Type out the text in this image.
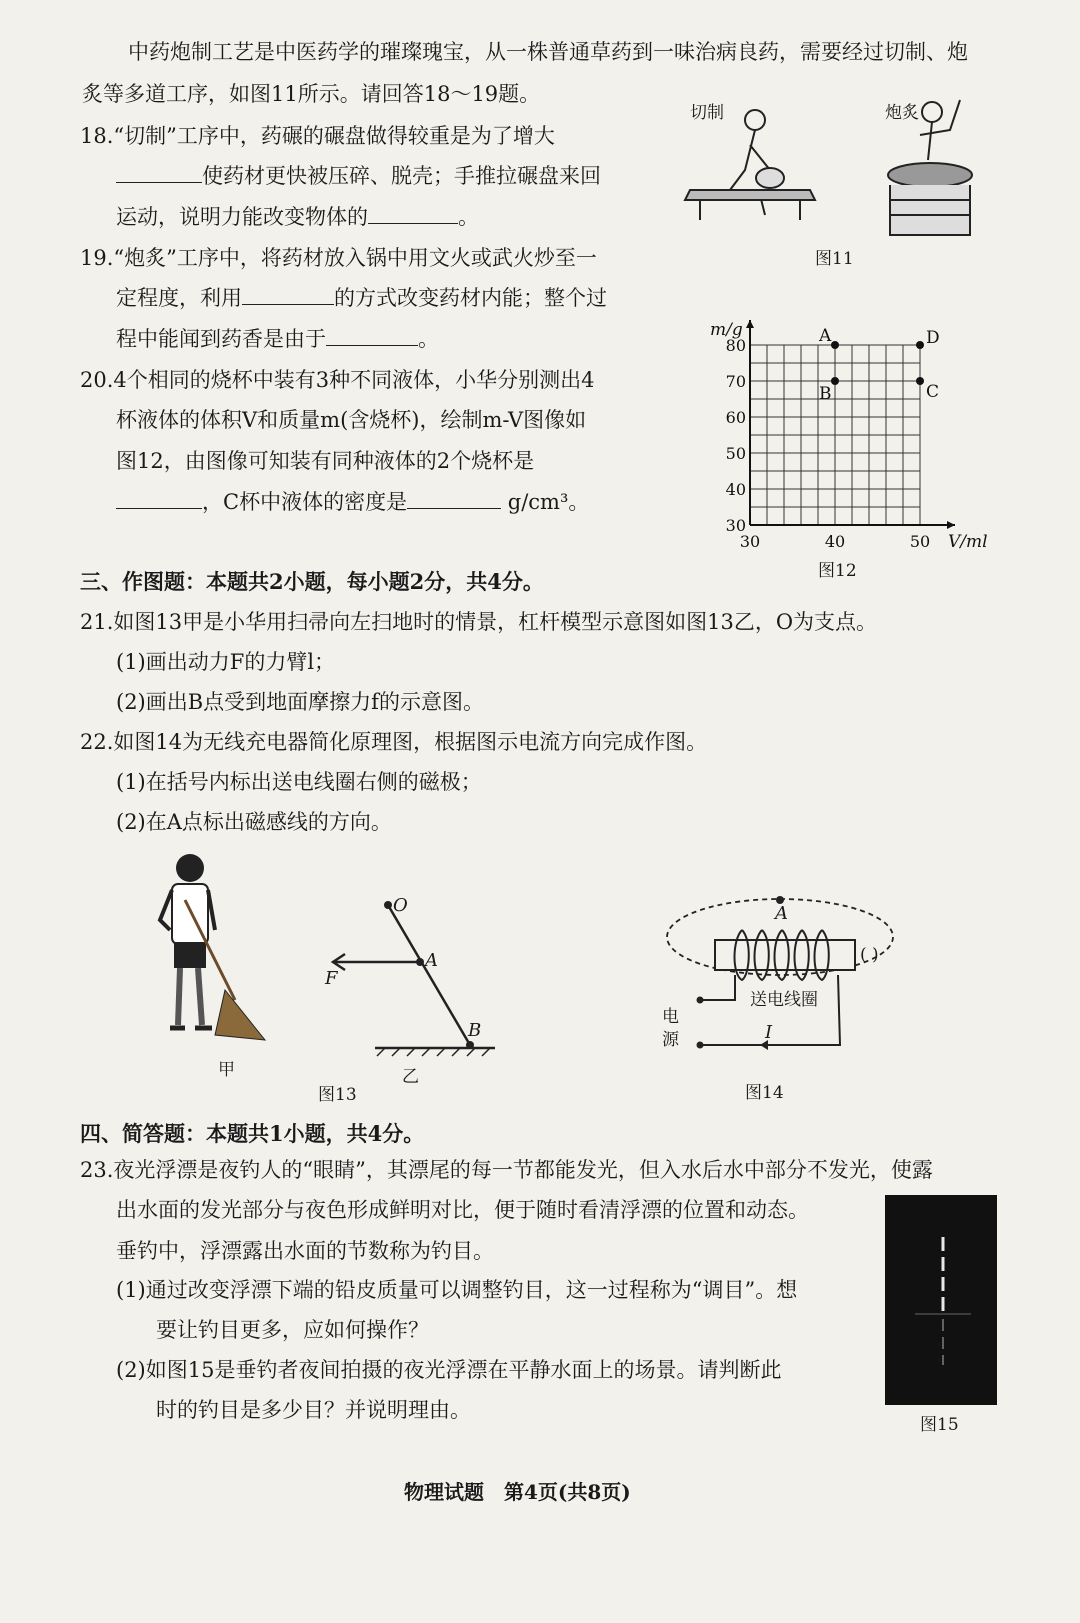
中药炮制工艺是中医药学的璀璨瑰宝，从一株普通草药到一味治病良药，需要经过切制、炮
炙等多道工序，如图11所示。请回答18～19题。
18.“切制”工序中，药碾的碾盘做得较重是为了增大
使药材更快被压碎、脱壳；手推拉碾盘来回
运动，说明力能改变物体的	。
19.“炮炙”工序中，将药材放入锅中用文火或武火炒至一
定程度，利用	的方式改变药材内能；整个过
程中能闻到药香是由于	。
20.4个相同的烧杯中装有3种不同液体，小华分别测出4
杯液体的体积V和质量m(含烧杯)，绘制m-V图像如
图12，由图像可知装有同种液体的2个烧杯是
，C杯中液体的密度是	g/cm³。
切制	炮炙
图11
30	40	50
30
40
50
60
70
80
V/ml
m/g	A
B	C
D
图12
三、作图题：本题共2小题，每小题2分，共4分。
21.如图13甲是小华用扫帚向左扫地时的情景，杠杆模型示意图如图13乙，O为支点。
(1)画出动力F的力臂l；
(2)画出B点受到地面摩擦力f的示意图。
22.如图14为无线充电器简化原理图，根据图示电流方向完成作图。
(1)在括号内标出送电线圈右侧的磁极；
(2)在A点标出磁感线的方向。
O
A
B
F
甲	乙
图13
A
( )
送电线圈
电
源	I
图14
四、简答题：本题共1小题，共4分。
23.夜光浮漂是夜钓人的“眼睛”，其漂尾的每一节都能发光，但入水后水中部分不发光，使露
出水面的发光部分与夜色形成鲜明对比，便于随时看清浮漂的位置和动态。
垂钓中，浮漂露出水面的节数称为钓目。
(1)通过改变浮漂下端的铅皮质量可以调整钓目，这一过程称为“调目”。想
要让钓目更多，应如何操作？
(2)如图15是垂钓者夜间拍摄的夜光浮漂在平静水面上的场景。请判断此
时的钓目是多少目？并说明理由。
图15
物理试题　第4页(共8页)
